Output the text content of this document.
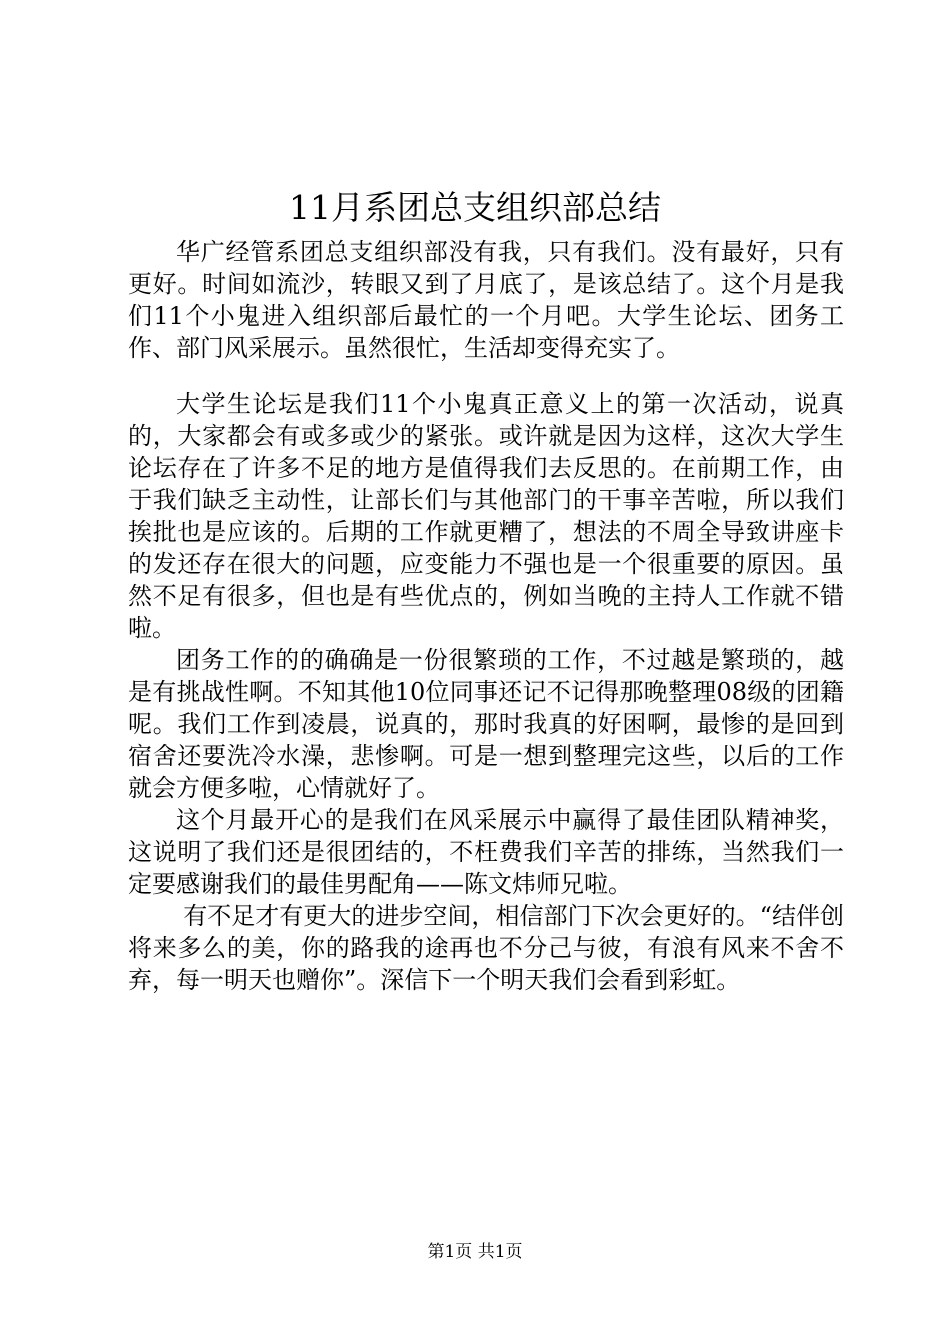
11月系团总支组织部总结

华广经管系团总支组织部没有我，只有我们。没有最好，只有更好。时间如流沙，转眼又到了月底了，是该总结了。这个月是我们11个小鬼进入组织部后最忙的一个月吧。大学生论坛、团务工作、部门风采展示。虽然很忙，生活却变得充实了。

大学生论坛是我们11个小鬼真正意义上的第一次活动，说真的，大家都会有或多或少的紧张。或许就是因为这样，这次大学生论坛存在了许多不足的地方是值得我们去反思的。在前期工作，由于我们缺乏主动性，让部长们与其他部门的干事辛苦啦，所以我们挨批也是应该的。后期的工作就更糟了，想法的不周全导致讲座卡的发还存在很大的问题，应变能力不强也是一个很重要的原因。虽然不足有很多，但也是有些优点的，例如当晚的主持人工作就不错啦。

团务工作的的确确是一份很繁琐的工作，不过越是繁琐的，越是有挑战性啊。不知其他10位同事还记不记得那晚整理08级的团籍呢。我们工作到凌晨，说真的，那时我真的好困啊，最惨的是回到宿舍还要洗冷水澡，悲惨啊。可是一想到整理完这些，以后的工作就会方便多啦，心情就好了。

这个月最开心的是我们在风采展示中赢得了最佳团队精神奖，这说明了我们还是很团结的，不枉费我们辛苦的排练，当然我们一定要感谢我们的最佳男配角——陈文炜师兄啦。

有不足才有更大的进步空间，相信部门下次会更好的。“结伴创将来多么的美，你的路我的途再也不分己与彼，有浪有风来不舍不弃，每一明天也赠你”。深信下一个明天我们会看到彩虹。

第1页 共1页
